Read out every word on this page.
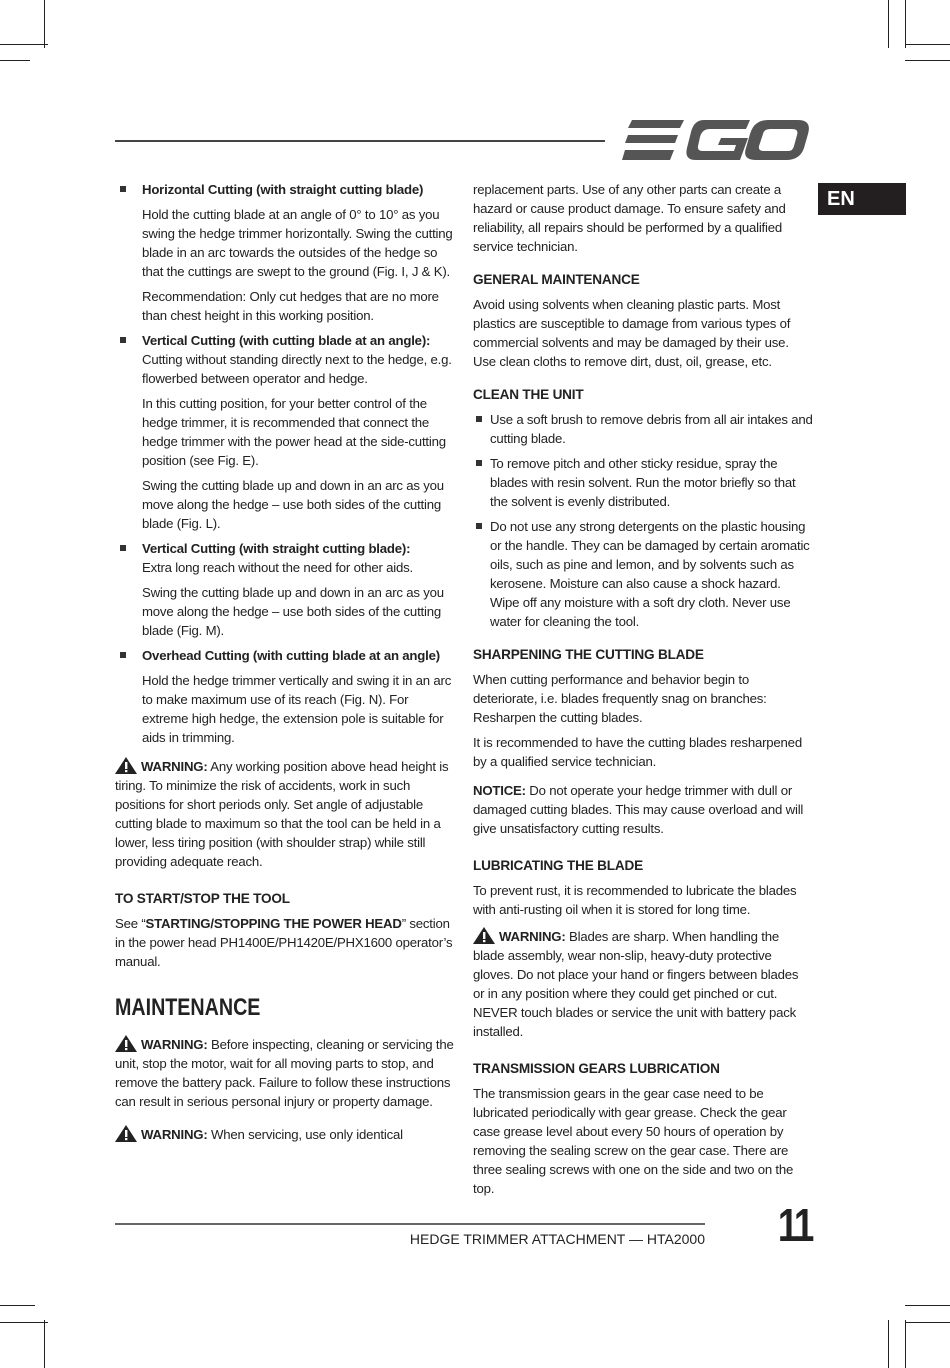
EN
Horizontal Cutting (with straight cutting blade)

Hold the cutting blade at an angle of 0° to 10° as you swing the hedge trimmer horizontally. Swing the cutting blade in an arc towards the outsides of the hedge so that the cuttings are swept to the ground (Fig. I, J & K).

Recommendation: Only cut hedges that are no more than chest height in this working position.

Vertical Cutting (with cutting blade at an angle):
Cutting without standing directly next to the hedge, e.g. flowerbed between operator and hedge.

In this cutting position, for your better control of the hedge trimmer, it is recommended that connect the hedge trimmer with the power head at the side-cutting position (see Fig. E).

Swing the cutting blade up and down in an arc as you move along the hedge – use both sides of the cutting blade (Fig. L).

Vertical Cutting (with straight cutting blade):
Extra long reach without the need for other aids.

Swing the cutting blade up and down in an arc as you move along the hedge – use both sides of the cutting blade (Fig. M).

Overhead Cutting (with cutting blade at an angle)

Hold the hedge trimmer vertically and swing it in an arc to make maximum use of its reach (Fig. N). For extreme high hedge, the extension pole is suitable for aids in trimming.

WARNING: Any working position above head height is tiring. To minimize the risk of accidents, work in such positions for short periods only. Set angle of adjustable cutting blade to maximum so that the tool can be held in a lower, less tiring position (with shoulder strap) while still providing adequate reach.

TO START/STOP THE TOOL

See “STARTING/STOPPING THE POWER HEAD” section in the power head PH1400E/PH1420E/PHX1600 operator’s manual.

MAINTENANCE

WARNING: Before inspecting, cleaning or servicing the unit, stop the motor, wait for all moving parts to stop, and remove the battery pack. Failure to follow these instructions can result in serious personal injury or property damage.

WARNING: When servicing, use only identical

replacement parts. Use of any other parts can create a hazard or cause product damage. To ensure safety and reliability, all repairs should be performed by a qualified service technician.

GENERAL MAINTENANCE

Avoid using solvents when cleaning plastic parts. Most plastics are susceptible to damage from various types of commercial solvents and may be damaged by their use. Use clean cloths to remove dirt, dust, oil, grease, etc.

CLEAN THE UNIT
Use a soft brush to remove debris from all air intakes and cutting blade.
To remove pitch and other sticky residue, spray the blades with resin solvent. Run the motor briefly so that the solvent is evenly distributed.
Do not use any strong detergents on the plastic housing or the handle. They can be damaged by certain aromatic oils, such as pine and lemon, and by solvents such as kerosene. Moisture can also cause a shock hazard. Wipe off any moisture with a soft dry cloth. Never use water for cleaning the tool.
SHARPENING THE CUTTING BLADE

When cutting performance and behavior begin to deteriorate, i.e. blades frequently snag on branches: Resharpen the cutting blades.

It is recommended to have the cutting blades resharpened by a qualified service technician.

NOTICE: Do not operate your hedge trimmer with dull or damaged cutting blades. This may cause overload and will give unsatisfactory cutting results.

LUBRICATING THE BLADE

To prevent rust, it is recommended to lubricate the blades with anti-rusting oil when it is stored for long time.

WARNING: Blades are sharp. When handling the blade assembly, wear non-slip, heavy-duty protective gloves. Do not place your hand or fingers between blades or in any position where they could get pinched or cut. NEVER touch blades or service the unit with battery pack installed.

TRANSMISSION GEARS LUBRICATION

The transmission gears in the gear case need to be lubricated periodically with gear grease. Check the gear case grease level about every 50 hours of operation by removing the sealing screw on the gear case. There are three sealing screws with one on the side and two on the top.

HEDGE TRIMMER ATTACHMENT — HTA2000 11
